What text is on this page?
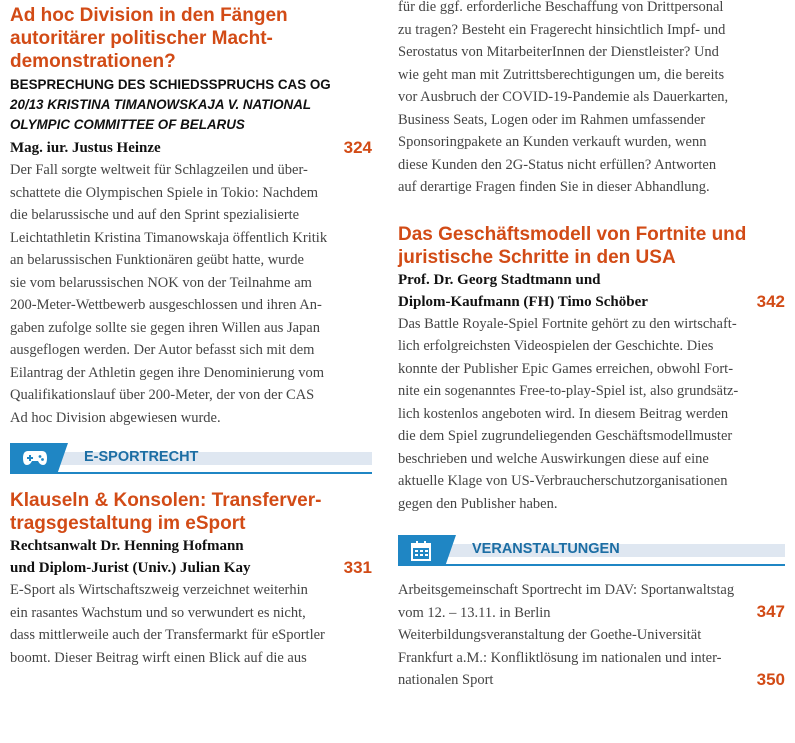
Ad hoc Division in den Fängen
autoritärer politischer Macht-
demonstrationen?

BESPRECHUNG DES SCHIEDSSPRUCHS CAS OG
20/13 KRISTINA TIMANOWSKAJA V. NATIONAL
OLYMPIC COMMITTEE OF BELARUS

Mag. iur. Justus Heinze	324

Der Fall sorgte weltweit für Schlagzeilen und über-
schattete die Olympischen Spiele in Tokio: Nachdem
die belarussische und auf den Sprint spezialisierte
Leichtathletin Kristina Timanowskaja öffentlich Kritik
an belarussischen Funktionären geübt hatte, wurde
sie vom belarussischen NOK von der Teilnahme am
200-Meter-Wettbewerb ausgeschlossen und ihren An-
gaben zufolge sollte sie gegen ihren Willen aus Japan
ausgeflogen werden. Der Autor befasst sich mit dem
Eilantrag der Athletin gegen ihre Denominierung vom
Qualifikationslauf über 200-Meter, der von der CAS
Ad hoc Division abgewiesen wurde.

E-SPORTRECHT

Klauseln & Konsolen: Transferver-
tragsgestaltung im eSport

Rechtsanwalt Dr. Henning Hofmann

und Diplom-Jurist (Univ.) Julian Kay	331

E-Sport als Wirtschaftszweig verzeichnet weiterhin
ein rasantes Wachstum und so verwundert es nicht,
dass mittlerweile auch der Transfermarkt für eSportler
boomt. Dieser Beitrag wirft einen Blick auf die aus

für die ggf. erforderliche Beschaffung von Drittpersonal
zu tragen? Besteht ein Fragerecht hinsichtlich Impf- und
Serostatus von MitarbeiterInnen der Dienstleister? Und
wie geht man mit Zutrittsberechtigungen um, die bereits
vor Ausbruch der COVID-19-Pandemie als Dauerkarten,
Business Seats, Logen oder im Rahmen umfassender
Sponsoringpakete an Kunden verkauft wurden, wenn
diese Kunden den 2G-Status nicht erfüllen? Antworten
auf derartige Fragen finden Sie in dieser Abhandlung.

Das Geschäftsmodell von Fortnite und
juristische Schritte in den USA

Prof. Dr. Georg Stadtmann und

Diplom-Kaufmann (FH) Timo Schöber	342

Das Battle Royale-Spiel Fortnite gehört zu den wirtschaft-
lich erfolgreichsten Videospielen der Geschichte. Dies
konnte der Publisher Epic Games erreichen, obwohl Fort-
nite ein sogenanntes Free-to-play-Spiel ist, also grundsätz-
lich kostenlos angeboten wird. In diesem Beitrag werden
die dem Spiel zugrundeliegenden Geschäftsmodellmuster
beschrieben und welche Auswirkungen diese auf eine
aktuelle Klage von US-Verbraucherschutzorganisationen
gegen den Publisher haben.

VERANSTALTUNGEN

Arbeitsgemeinschaft Sportrecht im DAV: Sportanwaltstag
vom 12. – 13.11. in Berlin	347

Weiterbildungsveranstaltung der Goethe-Universität
Frankfurt a.M.: Konfliktlösung im nationalen und inter-
nationalen Sport	350
